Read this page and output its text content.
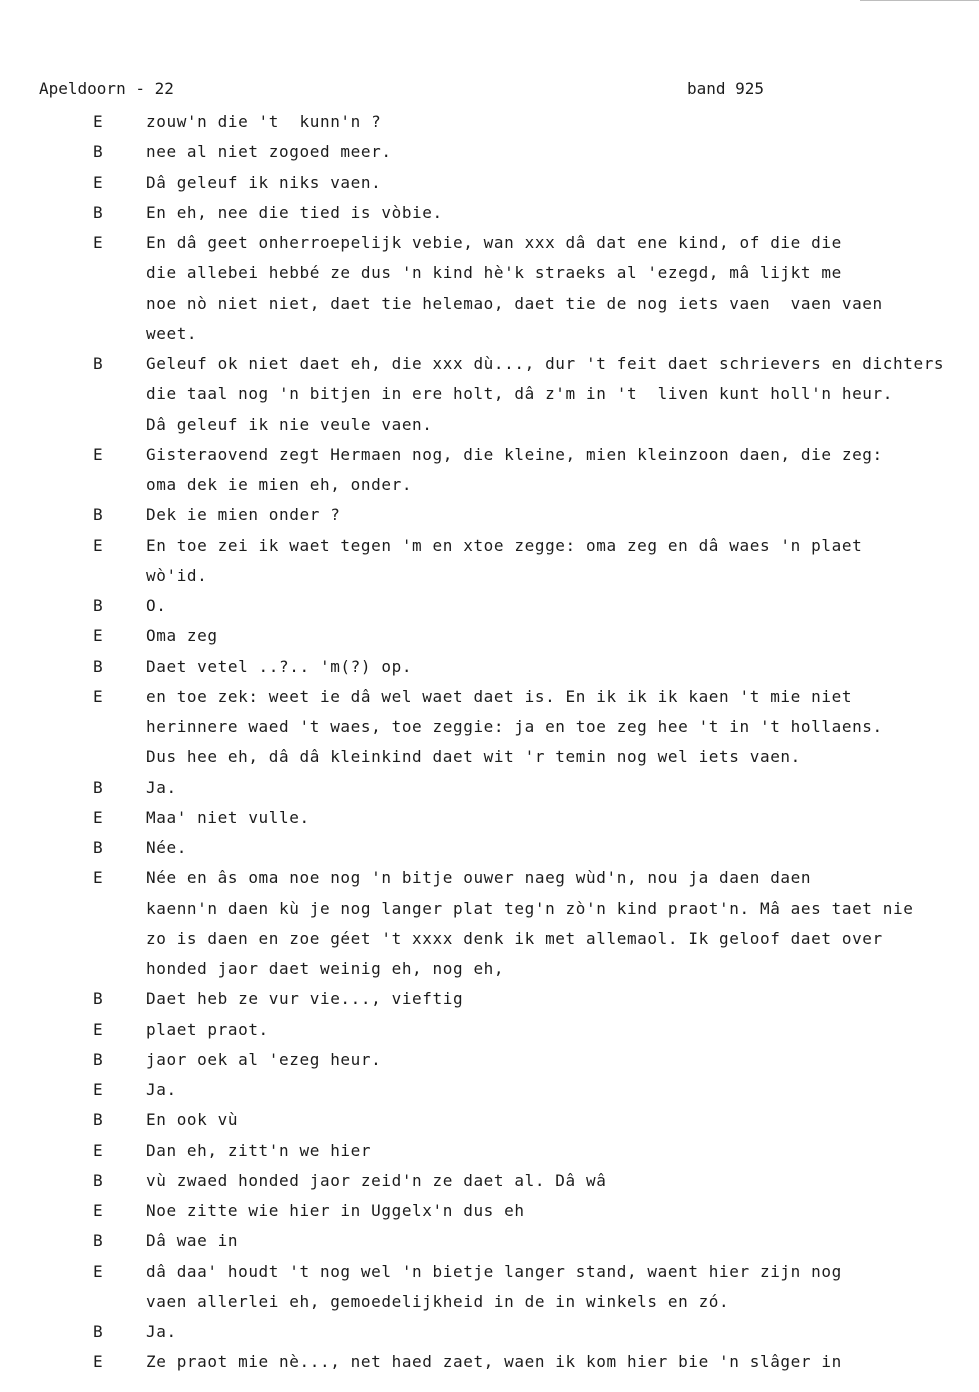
Apeldoorn - 22	band 925
E	zouw'n die 't  kunn'n ?
B	nee al niet zogoed meer.
E	Dâ geleuf ik niks vaen.
B	En eh, nee die tied is vòbie.
E	En dâ geet onherroepelijk vebie, wan xxx dâ dat ene kind, of die die
die allebei hebbé ze dus 'n kind hè'k straeks al 'ezegd, mâ lijkt me
noe nò niet niet, daet tie helemao, daet tie de nog iets vaen  vaen vaen
weet.
B	Geleuf ok niet daet eh, die xxx dù..., dur 't feit daet schrievers en dichters
die taal nog 'n bitjen in ere holt, dâ z'm in 't  liven kunt holl'n heur.
Dâ geleuf ik nie veule vaen.
E	Gisteraovend zegt Hermaen nog, die kleine, mien kleinzoon daen, die zeg:
oma dek ie mien eh, onder.
B	Dek ie mien onder ?
E	En toe zei ik waet tegen 'm en xtoe zegge: oma zeg en dâ waes 'n plaet
wò'id.
B	O.
E	Oma zeg
B	Daet vetel ..?.. 'm(?) op.
E	en toe zek: weet ie dâ wel waet daet is. En ik ik ik kaen 't mie niet
herinnere waed 't waes, toe zeggie: ja en toe zeg hee 't in 't hollaens.
Dus hee eh, dâ dâ kleinkind daet wit 'r temin nog wel iets vaen.
B	Ja.
E	Maa' niet vulle.
B	Née.
E	Née en âs oma noe nog 'n bitje ouwer naeg wùd'n, nou ja daen daen
kaenn'n daen kù je nog langer plat teg'n zò'n kind praot'n. Mâ aes taet nie
zo is daen en zoe géet 't xxxx denk ik met allemaol. Ik geloof daet over
honded jaor daet weinig eh, nog eh,
B	Daet heb ze vur vie..., vieftig
E	plaet praot.
B	jaor oek al 'ezeg heur.
E	Ja.
B	En ook vù
E	Dan eh, zitt'n we hier
B	vù zwaed honded jaor zeid'n ze daet al. Dâ wâ
E	Noe zitte wie hier in Uggelx'n dus eh
B	Dâ wae in
E	dâ daa' houdt 't nog wel 'n bietje langer stand, waent hier zijn nog
vaen allerlei eh, gemoedelijkheid in de in winkels en zó.
B	Ja.
E	Ze praot mie nè..., net haed zaet, waen ik kom hier bie 'n slâger in
